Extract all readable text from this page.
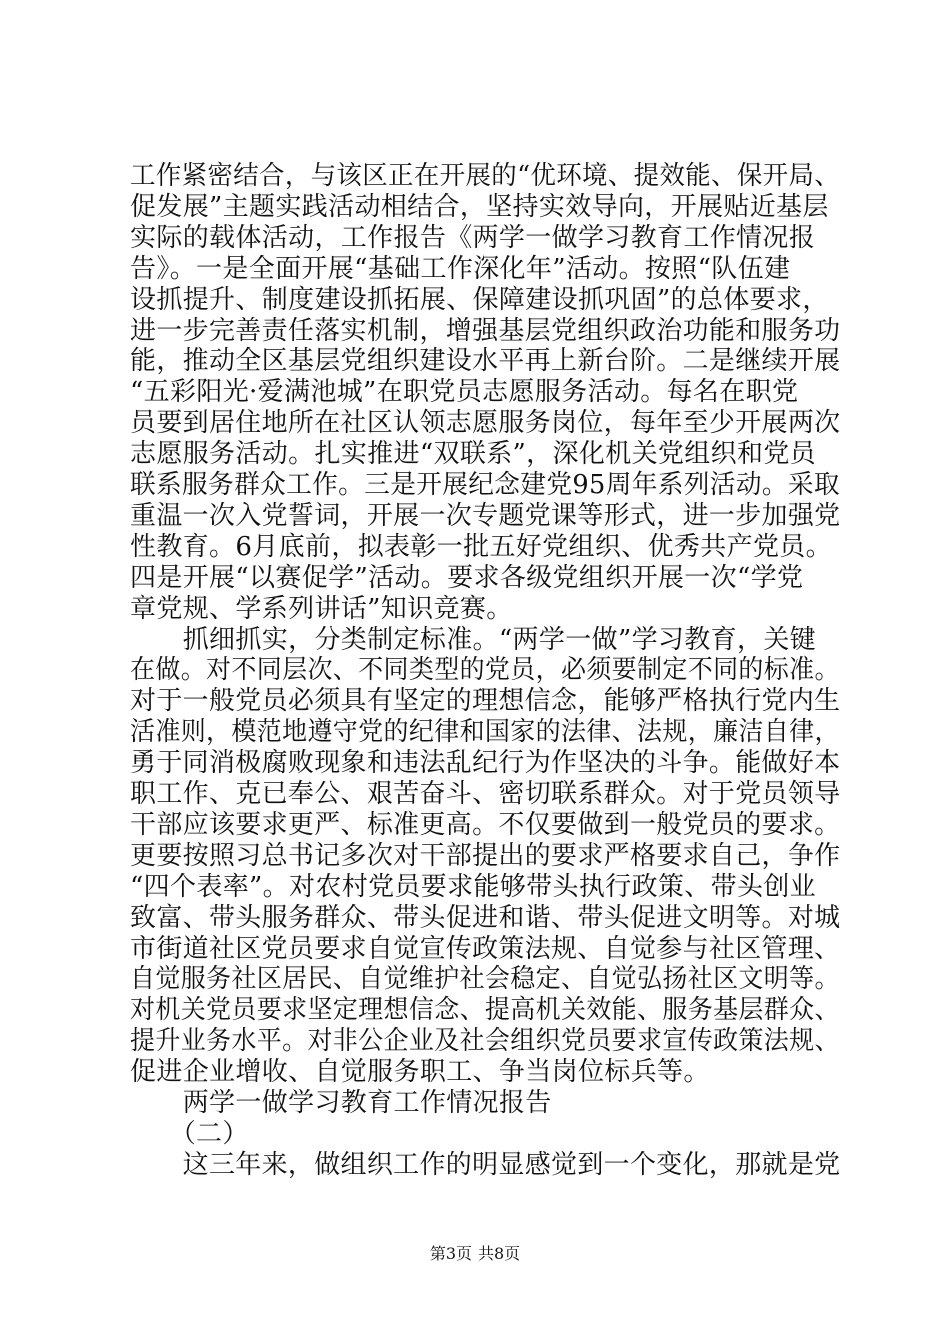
工作紧密结合，与该区正在开展的“优环境、提效能、保开局、
促发展”主题实践活动相结合，坚持实效导向，开展贴近基层
实际的载体活动，工作报告《两学一做学习教育工作情况报
告》。一是全面开展“基础工作深化年”活动。按照“队伍建
设抓提升、制度建设抓拓展、保障建设抓巩固”的总体要求，
进一步完善责任落实机制，增强基层党组织政治功能和服务功
能，推动全区基层党组织建设水平再上新台阶。二是继续开展
“五彩阳光·爱满池城”在职党员志愿服务活动。每名在职党
员要到居住地所在社区认领志愿服务岗位，每年至少开展两次
志愿服务活动。扎实推进“双联系”，深化机关党组织和党员
联系服务群众工作。三是开展纪念建党95周年系列活动。采取
重温一次入党誓词，开展一次专题党课等形式，进一步加强党
性教育。6月底前，拟表彰一批五好党组织、优秀共产党员。
四是开展“以赛促学”活动。要求各级党组织开展一次“学党
章党规、学系列讲话”知识竞赛。
　　抓细抓实，分类制定标准。“两学一做”学习教育，关键
在做。对不同层次、不同类型的党员，必须要制定不同的标准。
对于一般党员必须具有坚定的理想信念，能够严格执行党内生
活准则，模范地遵守党的纪律和国家的法律、法规，廉洁自律，
勇于同消极腐败现象和违法乱纪行为作坚决的斗争。能做好本
职工作、克已奉公、艰苦奋斗、密切联系群众。对于党员领导
干部应该要求更严、标准更高。不仅要做到一般党员的要求。
更要按照习总书记多次对干部提出的要求严格要求自己，争作
“四个表率”。对农村党员要求能够带头执行政策、带头创业
致富、带头服务群众、带头促进和谐、带头促进文明等。对城
市街道社区党员要求自觉宣传政策法规、自觉参与社区管理、
自觉服务社区居民、自觉维护社会稳定、自觉弘扬社区文明等。
对机关党员要求坚定理想信念、提高机关效能、服务基层群众、
提升业务水平。对非公企业及社会组织党员要求宣传政策法规、
促进企业增收、自觉服务职工、争当岗位标兵等。
　　两学一做学习教育工作情况报告
　　（二）
　　这三年来，做组织工作的明显感觉到一个变化，那就是党
第3页 共8页
